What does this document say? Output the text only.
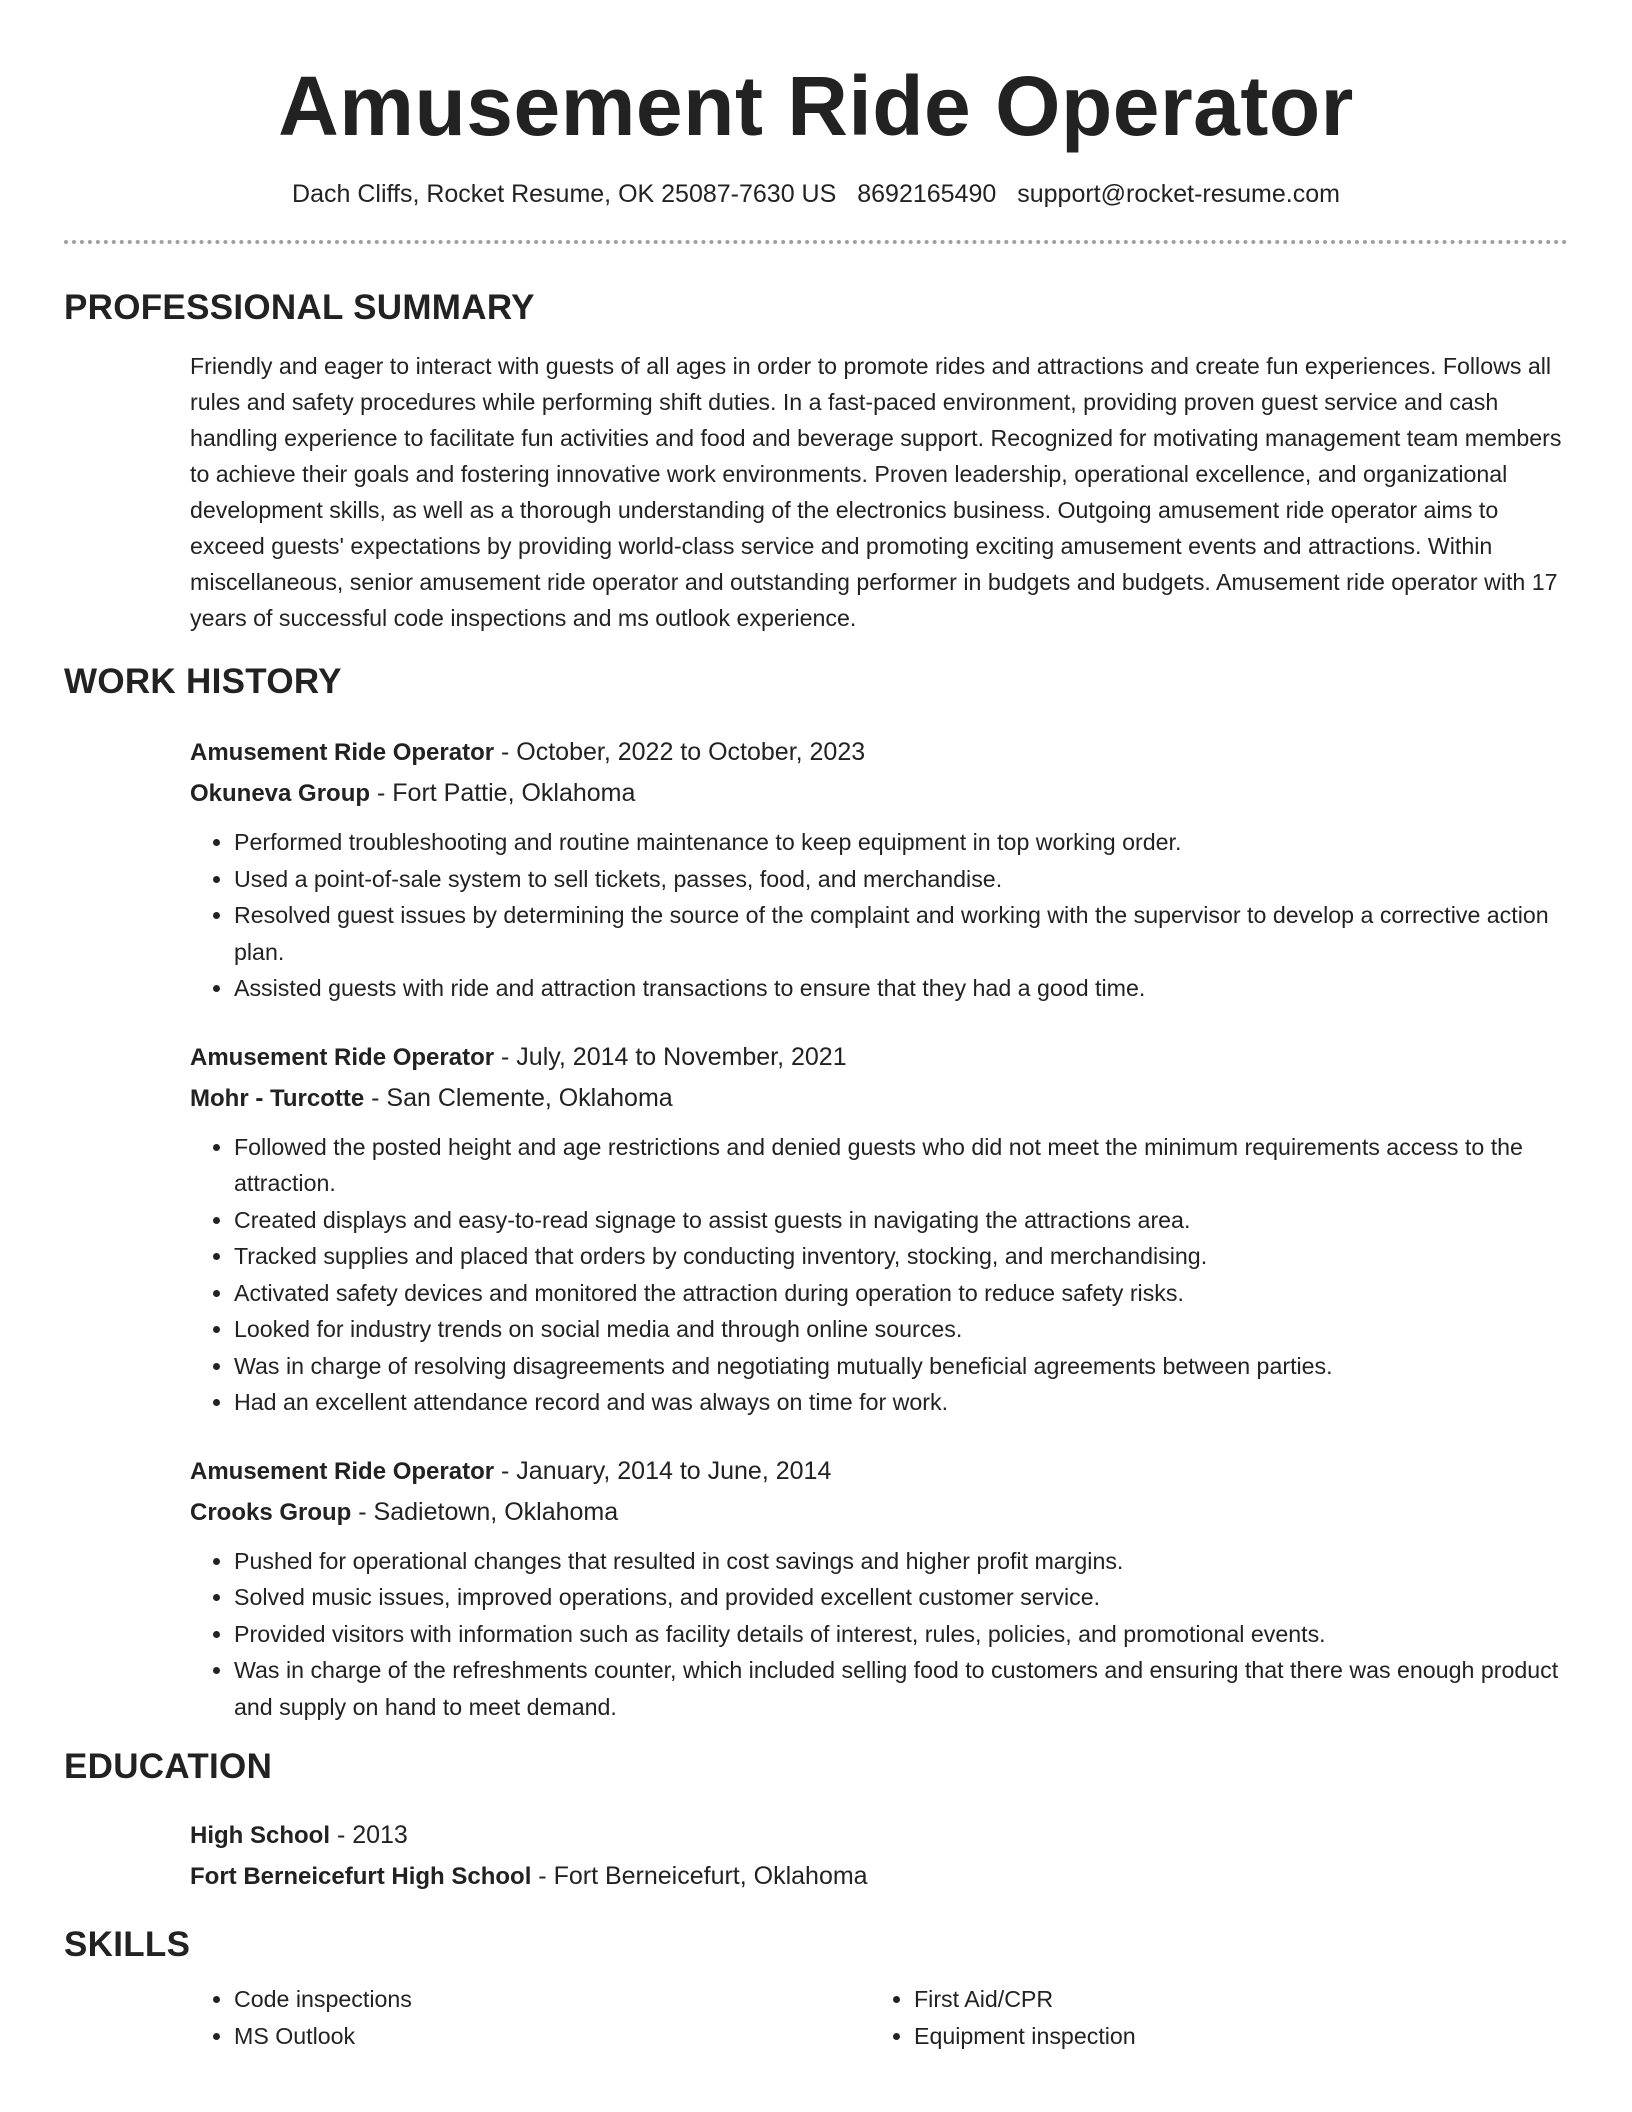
Amusement Ride Operator
Dach Cliffs, Rocket Resume, OK 25087-7630 US 8692165490 support@rocket-resume.com
PROFESSIONAL SUMMARY
Friendly and eager to interact with guests of all ages in order to promote rides and attractions and create fun experiences. Follows all rules and safety procedures while performing shift duties. In a fast-paced environment, providing proven guest service and cash handling experience to facilitate fun activities and food and beverage support. Recognized for motivating management team members to achieve their goals and fostering innovative work environments. Proven leadership, operational excellence, and organizational development skills, as well as a thorough understanding of the electronics business. Outgoing amusement ride operator aims to exceed guests' expectations by providing world-class service and promoting exciting amusement events and attractions. Within miscellaneous, senior amusement ride operator and outstanding performer in budgets and budgets. Amusement ride operator with 17 years of successful code inspections and ms outlook experience.
WORK HISTORY
Amusement Ride Operator - October, 2022 to October, 2023
Okuneva Group - Fort Pattie, Oklahoma
• Performed troubleshooting and routine maintenance to keep equipment in top working order.
• Used a point-of-sale system to sell tickets, passes, food, and merchandise.
• Resolved guest issues by determining the source of the complaint and working with the supervisor to develop a corrective action plan.
• Assisted guests with ride and attraction transactions to ensure that they had a good time.
Amusement Ride Operator - July, 2014 to November, 2021
Mohr - Turcotte - San Clemente, Oklahoma
• Followed the posted height and age restrictions and denied guests who did not meet the minimum requirements access to the attraction.
• Created displays and easy-to-read signage to assist guests in navigating the attractions area.
• Tracked supplies and placed that orders by conducting inventory, stocking, and merchandising.
• Activated safety devices and monitored the attraction during operation to reduce safety risks.
• Looked for industry trends on social media and through online sources.
• Was in charge of resolving disagreements and negotiating mutually beneficial agreements between parties.
• Had an excellent attendance record and was always on time for work.
Amusement Ride Operator - January, 2014 to June, 2014
Crooks Group - Sadietown, Oklahoma
• Pushed for operational changes that resulted in cost savings and higher profit margins.
• Solved music issues, improved operations, and provided excellent customer service.
• Provided visitors with information such as facility details of interest, rules, policies, and promotional events.
• Was in charge of the refreshments counter, which included selling food to customers and ensuring that there was enough product and supply on hand to meet demand.
EDUCATION
High School - 2013
Fort Berneicefurt High School - Fort Berneicefurt, Oklahoma
SKILLS
• Code inspections
• MS Outlook
• First Aid/CPR
• Equipment inspection
